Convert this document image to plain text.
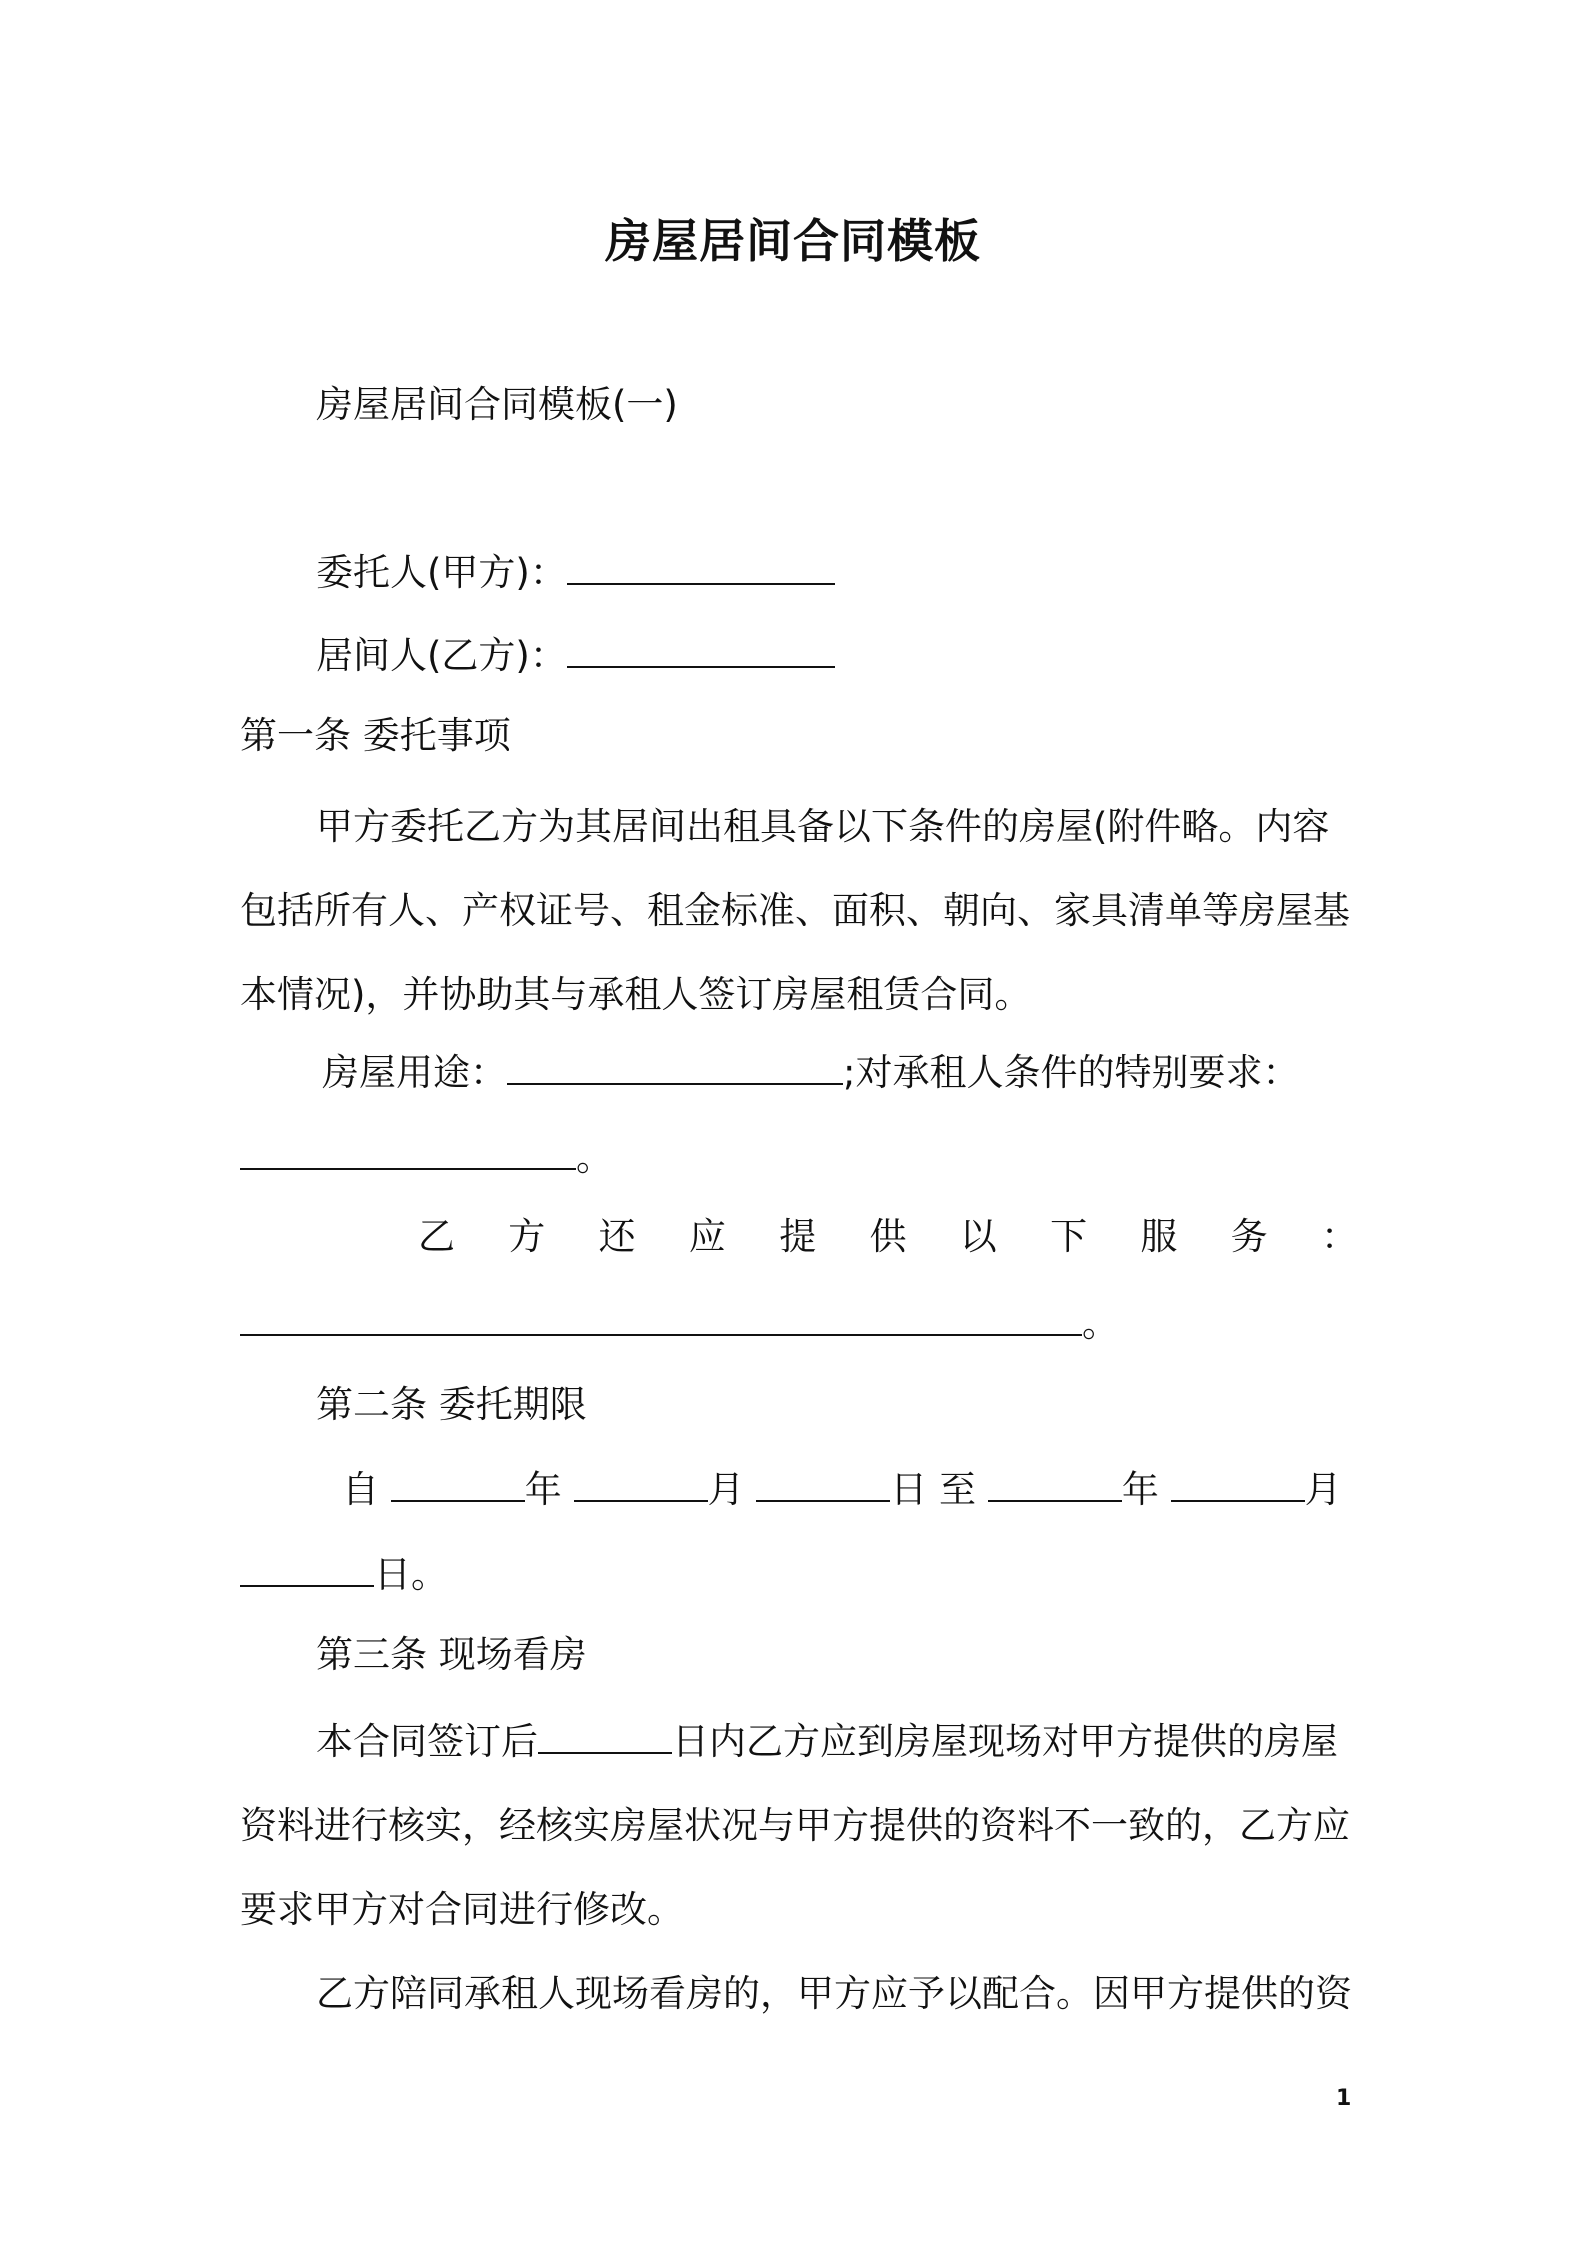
房屋居间合同模板
房屋居间合同模板(一)
委托人(甲方)：
居间人(乙方)：
第一条 委托事项
甲方委托乙方为其居间出租具备以下条件的房屋(附件略。内容包括所有人、产权证号、租金标准、面积、朝向、家具清单等房屋基本情况)，并协助其与承租人签订房屋租赁合同。
房屋用途：	;对承租人条件的特别要求：
。
乙 方 还 应 提 供 以 下 服 务 ：
。
第二条 委托期限
自	年	月	日 至	年	月
日。
第三条 现场看房
本合同签订后	日内乙方应到房屋现场对甲方提供的房屋资料进行核实，经核实房屋状况与甲方提供的资料不一致的，乙方应要求甲方对合同进行修改。
乙方陪同承租人现场看房的，甲方应予以配合。因甲方提供的资
1
